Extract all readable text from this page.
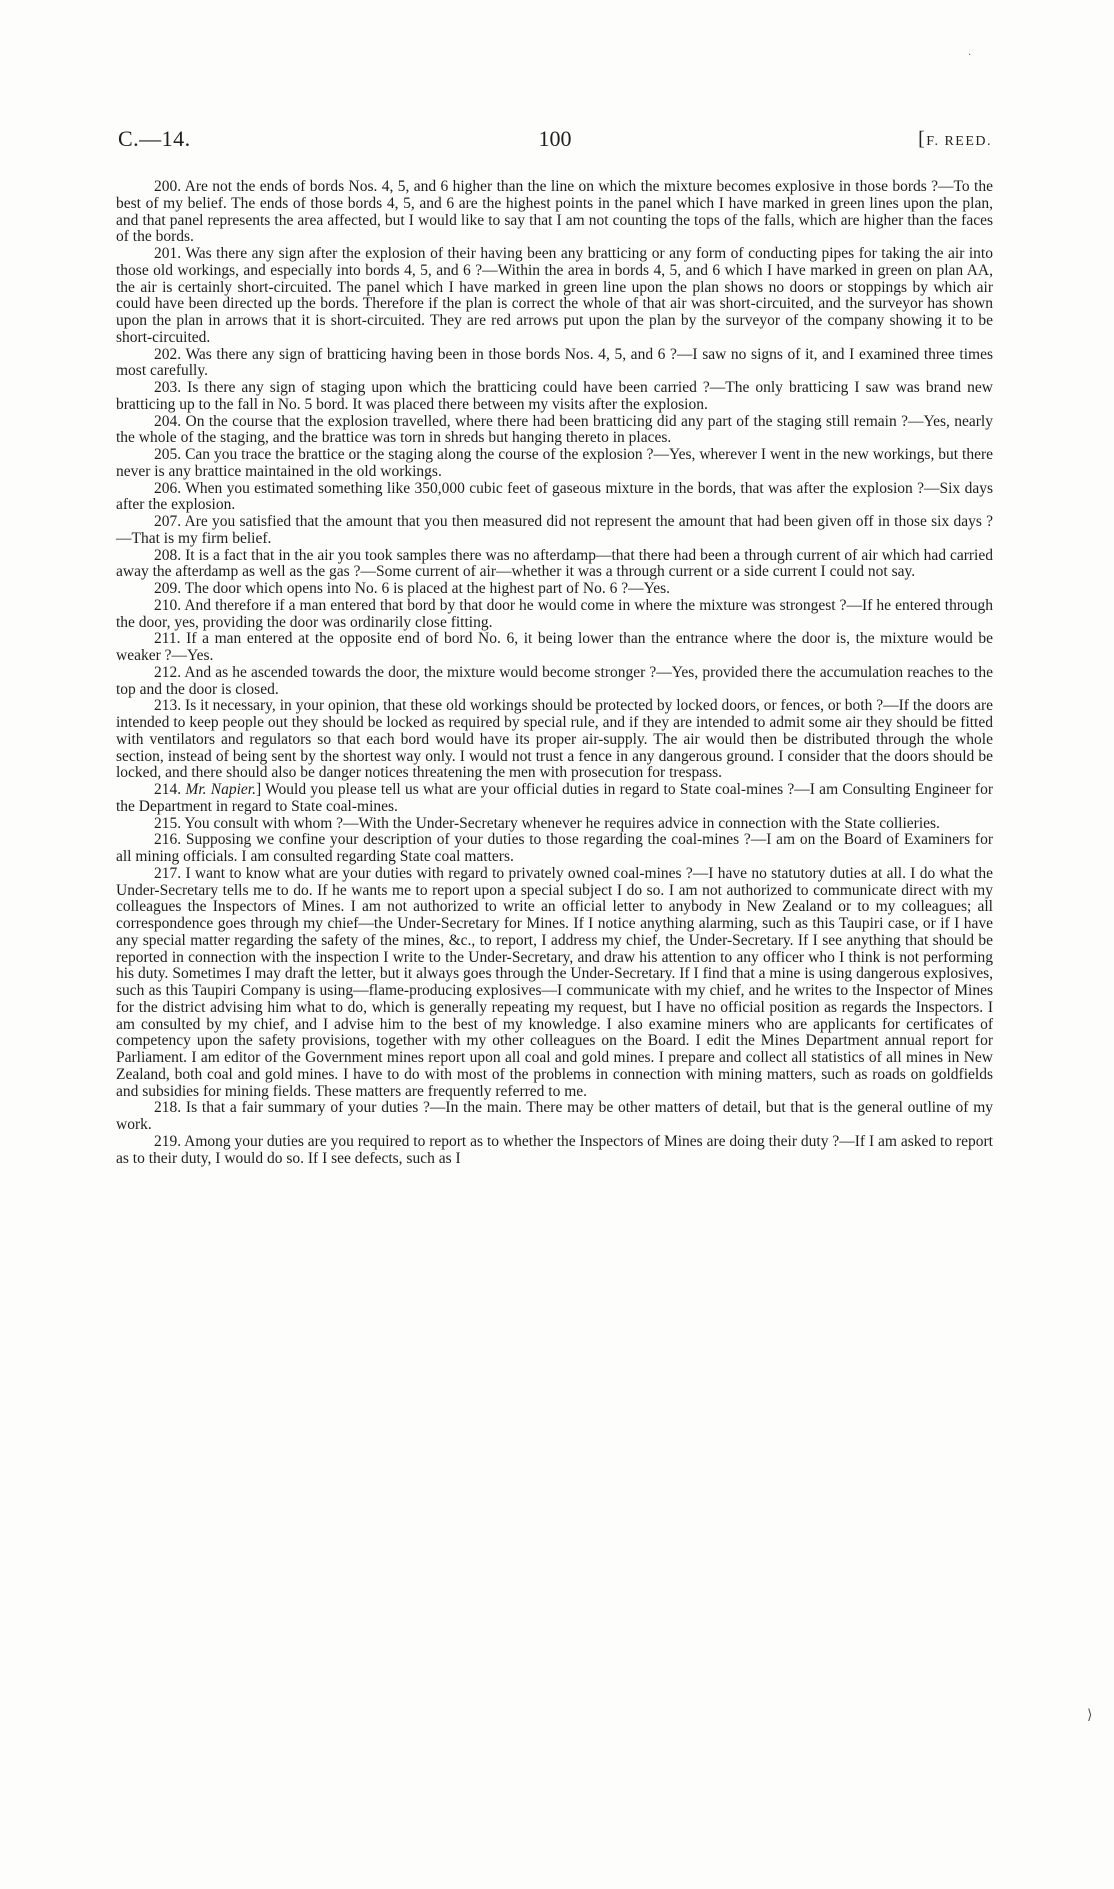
C.—14.	100	[F. REED.

200. Are not the ends of bords Nos. 4, 5, and 6 higher than the line on which the mixture becomes explosive in those bords ?—To the best of my belief. The ends of those bords 4, 5, and 6 are the highest points in the panel which I have marked in green lines upon the plan, and that panel represents the area affected, but I would like to say that I am not counting the tops of the falls, which are higher than the faces of the bords.

201. Was there any sign after the explosion of their having been any bratticing or any form of conducting pipes for taking the air into those old workings, and especially into bords 4, 5, and 6 ?—Within the area in bords 4, 5, and 6 which I have marked in green on plan AA, the air is certainly short-circuited. The panel which I have marked in green line upon the plan shows no doors or stoppings by which air could have been directed up the bords. Therefore if the plan is correct the whole of that air was short-circuited, and the surveyor has shown upon the plan in arrows that it is short-circuited. They are red arrows put upon the plan by the surveyor of the company showing it to be short-circuited.

202. Was there any sign of bratticing having been in those bords Nos. 4, 5, and 6 ?—I saw no signs of it, and I examined three times most carefully.

203. Is there any sign of staging upon which the bratticing could have been carried ?—The only bratticing I saw was brand new bratticing up to the fall in No. 5 bord. It was placed there between my visits after the explosion.

204. On the course that the explosion travelled, where there had been bratticing did any part of the staging still remain ?—Yes, nearly the whole of the staging, and the brattice was torn in shreds but hanging thereto in places.

205. Can you trace the brattice or the staging along the course of the explosion ?—Yes, wherever I went in the new workings, but there never is any brattice maintained in the old workings.

206. When you estimated something like 350,000 cubic feet of gaseous mixture in the bords, that was after the explosion ?—Six days after the explosion.

207. Are you satisfied that the amount that you then measured did not represent the amount that had been given off in those six days ?—That is my firm belief.

208. It is a fact that in the air you took samples there was no afterdamp—that there had been a through current of air which had carried away the afterdamp as well as the gas ?—Some current of air—whether it was a through current or a side current I could not say.

209. The door which opens into No. 6 is placed at the highest part of No. 6 ?—Yes.

210. And therefore if a man entered that bord by that door he would come in where the mixture was strongest ?—If he entered through the door, yes, providing the door was ordinarily close fitting.

211. If a man entered at the opposite end of bord No. 6, it being lower than the entrance where the door is, the mixture would be weaker ?—Yes.

212. And as he ascended towards the door, the mixture would become stronger ?—Yes, provided there the accumulation reaches to the top and the door is closed.

213. Is it necessary, in your opinion, that these old workings should be protected by locked doors, or fences, or both ?—If the doors are intended to keep people out they should be locked as required by special rule, and if they are intended to admit some air they should be fitted with ventilators and regulators so that each bord would have its proper air-supply. The air would then be distributed through the whole section, instead of being sent by the shortest way only. I would not trust a fence in any dangerous ground. I consider that the doors should be locked, and there should also be danger notices threatening the men with prosecution for trespass.

214. Mr. Napier.] Would you please tell us what are your official duties in regard to State coal-mines ?—I am Consulting Engineer for the Department in regard to State coal-mines.

215. You consult with whom ?—With the Under-Secretary whenever he requires advice in connection with the State collieries.

216. Supposing we confine your description of your duties to those regarding the coal-mines ?—I am on the Board of Examiners for all mining officials. I am consulted regarding State coal matters.

217. I want to know what are your duties with regard to privately owned coal-mines ?—I have no statutory duties at all. I do what the Under-Secretary tells me to do. If he wants me to report upon a special subject I do so. I am not authorized to communicate direct with my colleagues the Inspectors of Mines. I am not authorized to write an official letter to anybody in New Zealand or to my colleagues; all correspondence goes through my chief—the Under-Secretary for Mines. If I notice anything alarming, such as this Taupiri case, or if I have any special matter regarding the safety of the mines, &c., to report, I address my chief, the Under-Secretary. If I see anything that should be reported in connection with the inspection I write to the Under-Secretary, and draw his attention to any officer who I think is not performing his duty. Sometimes I may draft the letter, but it always goes through the Under-Secretary. If I find that a mine is using dangerous explosives, such as this Taupiri Company is using—flame-producing explosives—I communicate with my chief, and he writes to the Inspector of Mines for the district advising him what to do, which is generally repeating my request, but I have no official position as regards the Inspectors. I am consulted by my chief, and I advise him to the best of my knowledge. I also examine miners who are applicants for certificates of competency upon the safety provisions, together with my other colleagues on the Board. I edit the Mines Department annual report for Parliament. I am editor of the Government mines report upon all coal and gold mines. I prepare and collect all statistics of all mines in New Zealand, both coal and gold mines. I have to do with most of the problems in connection with mining matters, such as roads on goldfields and subsidies for mining fields. These matters are frequently referred to me.

218. Is that a fair summary of your duties ?—In the main. There may be other matters of detail, but that is the general outline of my work.

219. Among your duties are you required to report as to whether the Inspectors of Mines are doing their duty ?—If I am asked to report as to their duty, I would do so. If I see defects, such as I

⟩
·
